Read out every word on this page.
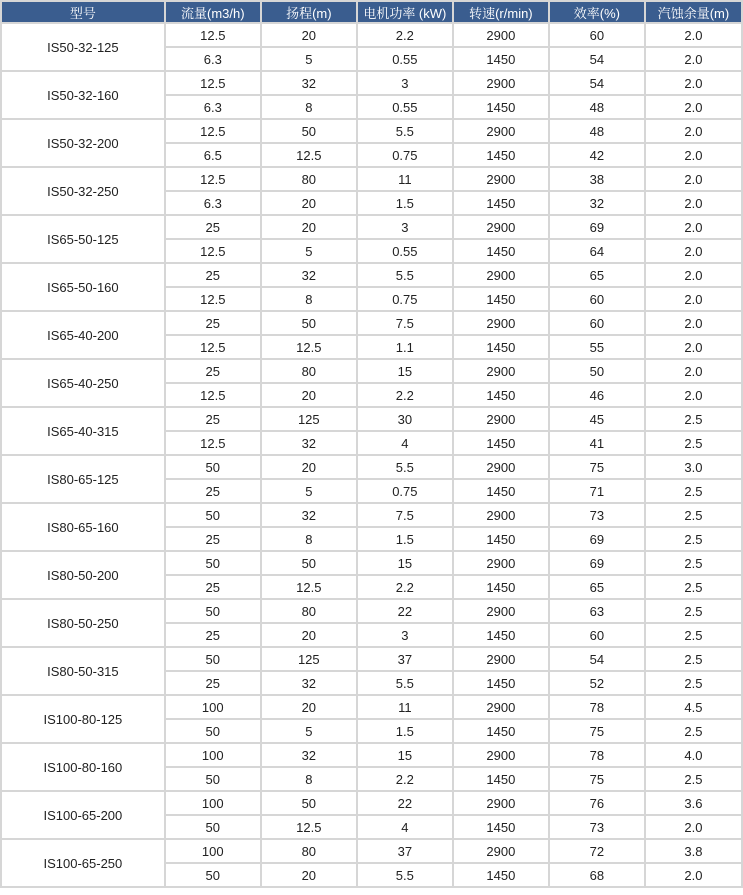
型号	流量(m3/h)	扬程(m)	电机功率 (kW)	转速(r/min)	效率(%)	汽蚀余量(m)
IS50-32-125	12.5	20	2.2	2900	60	2.0
	6.3	5	0.55	1450	54	2.0
IS50-32-160	12.5	32	3	2900	54	2.0
	6.3	8	0.55	1450	48	2.0
IS50-32-200	12.5	50	5.5	2900	48	2.0
	6.5	12.5	0.75	1450	42	2.0
IS50-32-250	12.5	80	11	2900	38	2.0
	6.3	20	1.5	1450	32	2.0
IS65-50-125	25	20	3	2900	69	2.0
	12.5	5	0.55	1450	64	2.0
IS65-50-160	25	32	5.5	2900	65	2.0
	12.5	8	0.75	1450	60	2.0
IS65-40-200	25	50	7.5	2900	60	2.0
	12.5	12.5	1.1	1450	55	2.0
IS65-40-250	25	80	15	2900	50	2.0
	12.5	20	2.2	1450	46	2.0
IS65-40-315	25	125	30	2900	45	2.5
	12.5	32	4	1450	41	2.5
IS80-65-125	50	20	5.5	2900	75	3.0
	25	5	0.75	1450	71	2.5
IS80-65-160	50	32	7.5	2900	73	2.5
	25	8	1.5	1450	69	2.5
IS80-50-200	50	50	15	2900	69	2.5
	25	12.5	2.2	1450	65	2.5
IS80-50-250	50	80	22	2900	63	2.5
	25	20	3	1450	60	2.5
IS80-50-315	50	125	37	2900	54	2.5
	25	32	5.5	1450	52	2.5
IS100-80-125	100	20	11	2900	78	4.5
	50	5	1.5	1450	75	2.5
IS100-80-160	100	32	15	2900	78	4.0
	50	8	2.2	1450	75	2.5
IS100-65-200	100	50	22	2900	76	3.6
	50	12.5	4	1450	73	2.0
IS100-65-250	100	80	37	2900	72	3.8
	50	20	5.5	1450	68	2.0
